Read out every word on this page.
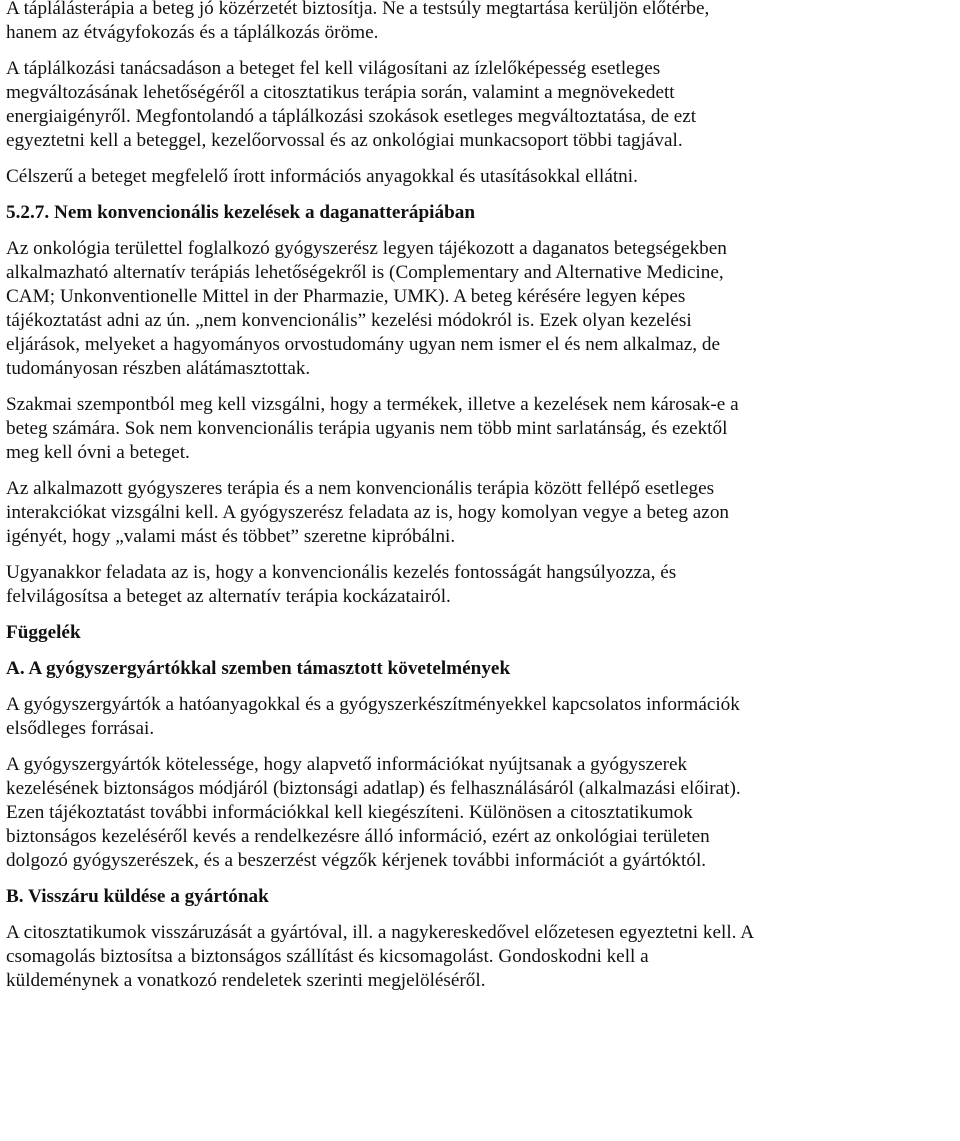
A táplálásterápia a beteg jó közérzetét biztosítja. Ne a testsúly megtartása kerüljön előtérbe,
hanem az étvágyfokozás és a táplálkozás öröme.

A táplálkozási tanácsadáson a beteget fel kell világosítani az ízlelőképesség esetleges
megváltozásának lehetőségéről a citosztatikus terápia során, valamint a megnövekedett
energiaigényről. Megfontolandó a táplálkozási szokások esetleges megváltoztatása, de ezt
egyeztetni kell a beteggel, kezelőorvossal és az onkológiai munkacsoport többi tagjával.

Célszerű a beteget megfelelő írott információs anyagokkal és utasításokkal ellátni.

5.2.7. Nem konvencionális kezelések a daganatterápiában

Az onkológia területtel foglalkozó gyógyszerész legyen tájékozott a daganatos betegségekben
alkalmazható alternatív terápiás lehetőségekről is (Complementary and Alternative Medicine,
CAM; Unkonventionelle Mittel in der Pharmazie, UMK). A beteg kérésére legyen képes
tájékoztatást adni az ún. „nem konvencionális” kezelési módokról is. Ezek olyan kezelési
eljárások, melyeket a hagyományos orvostudomány ugyan nem ismer el és nem alkalmaz, de
tudományosan részben alátámasztottak.

Szakmai szempontból meg kell vizsgálni, hogy a termékek, illetve a kezelések nem károsak-e a
beteg számára. Sok nem konvencionális terápia ugyanis nem több mint sarlatánság, és ezektől
meg kell óvni a beteget.

Az alkalmazott gyógyszeres terápia és a nem konvencionális terápia között fellépő esetleges
interakciókat vizsgálni kell. A gyógyszerész feladata az is, hogy komolyan vegye a beteg azon
igényét, hogy „valami mást és többet” szeretne kipróbálni.

Ugyanakkor feladata az is, hogy a konvencionális kezelés fontosságát hangsúlyozza, és
felvilágosítsa a beteget az alternatív terápia kockázatairól.

Függelék

A. A gyógyszergyártókkal szemben támasztott követelmények

A gyógyszergyártók a hatóanyagokkal és a gyógyszerkészítményekkel kapcsolatos információk
elsődleges forrásai.

A gyógyszergyártók kötelessége, hogy alapvető információkat nyújtsanak a gyógyszerek
kezelésének biztonságos módjáról (biztonsági adatlap) és felhasználásáról (alkalmazási előirat).
Ezen tájékoztatást további információkkal kell kiegészíteni. Különösen a citosztatikumok
biztonságos kezeléséről kevés a rendelkezésre álló információ, ezért az onkológiai területen
dolgozó gyógyszerészek, és a beszerzést végzők kérjenek további információt a gyártóktól.

B. Visszáru küldése a gyártónak

A citosztatikumok visszáruzását a gyártóval, ill. a nagykereskedővel előzetesen egyeztetni kell. A
csomagolás biztosítsa a biztonságos szállítást és kicsomagolást. Gondoskodni kell a
küldeménynek a vonatkozó rendeletek szerinti megjelöléséről.
